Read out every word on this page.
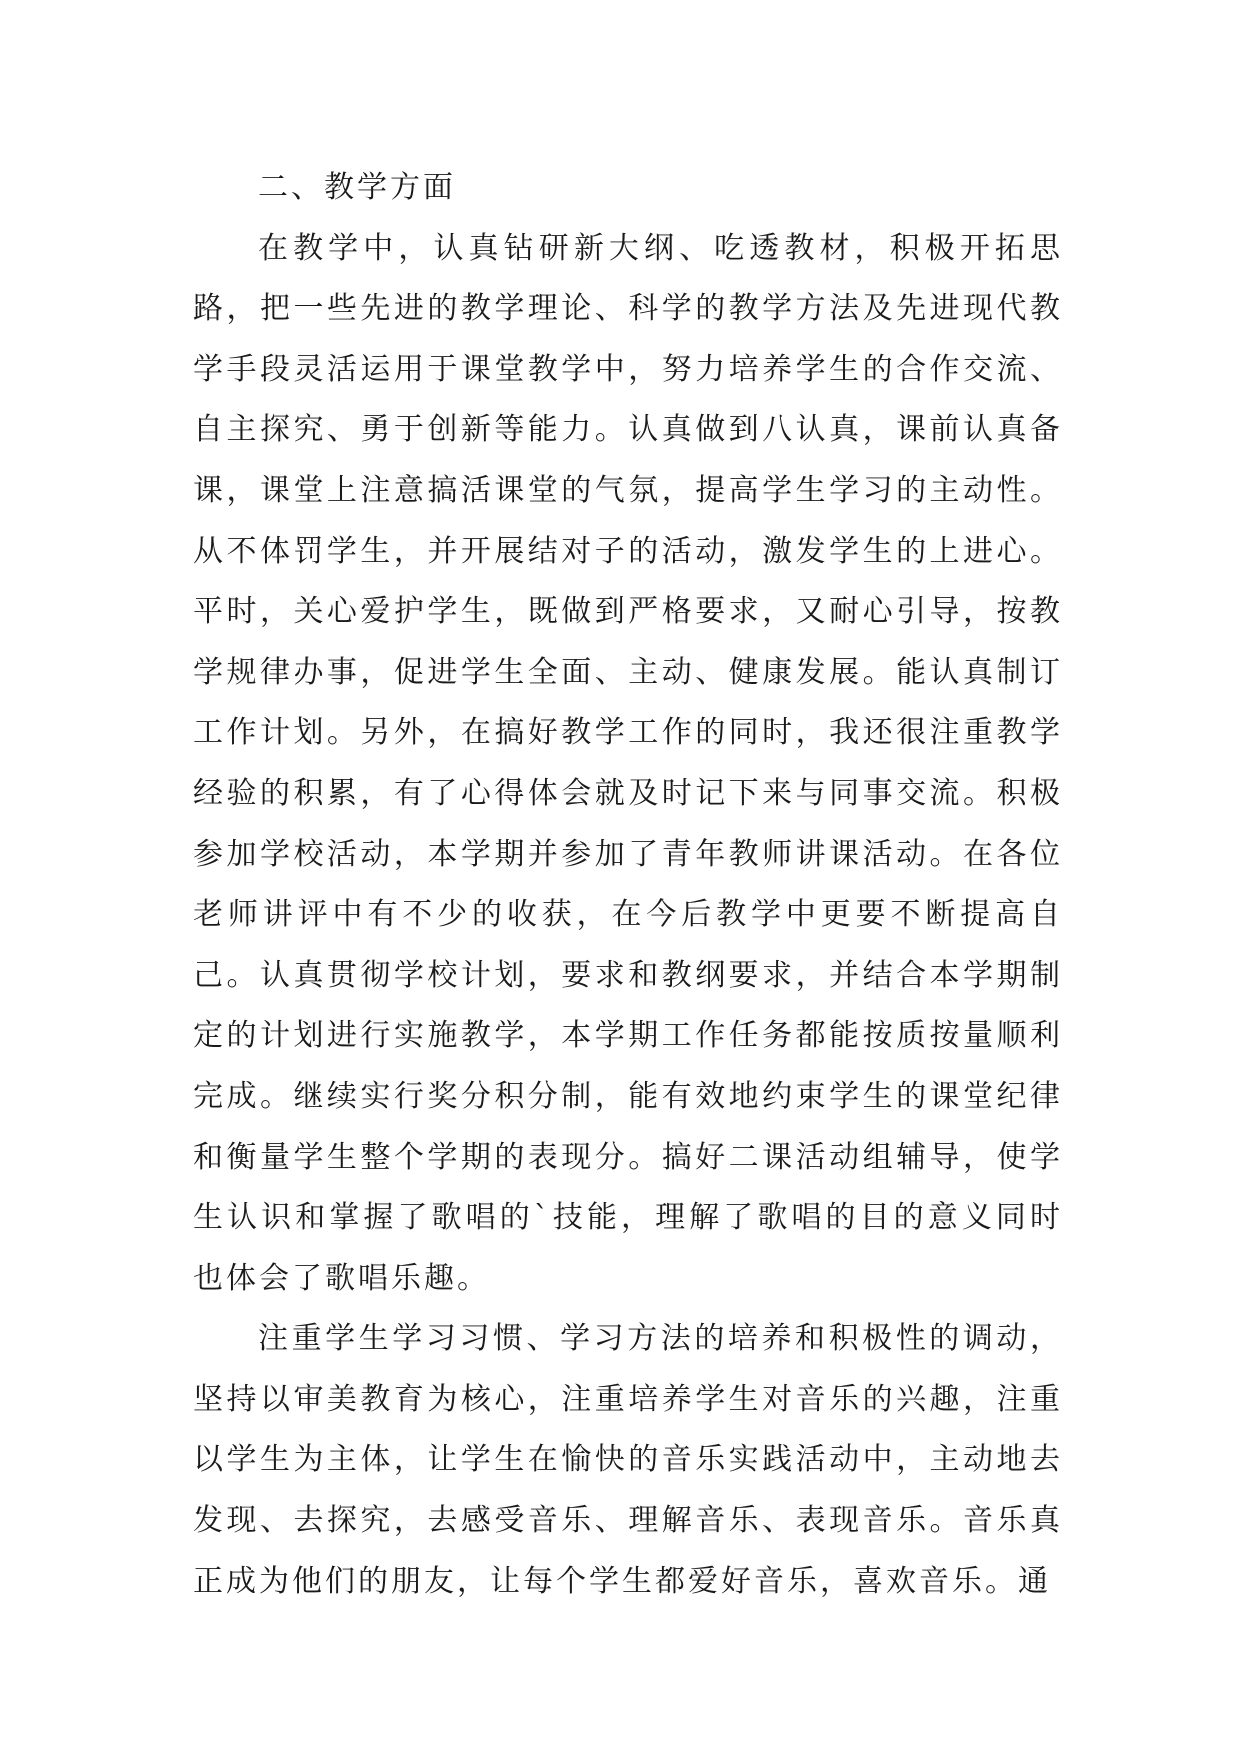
二、教学方面

在教学中，认真钻研新大纲、吃透教材，积极开拓思路，把一些先进的教学理论、科学的教学方法及先进现代教学手段灵活运用于课堂教学中，努力培养学生的合作交流、自主探究、勇于创新等能力。认真做到八认真，课前认真备课，课堂上注意搞活课堂的气氛，提高学生学习的主动性。从不体罚学生，并开展结对子的活动，激发学生的上进心。平时，关心爱护学生，既做到严格要求，又耐心引导，按教学规律办事，促进学生全面、主动、健康发展。能认真制订工作计划。另外，在搞好教学工作的同时，我还很注重教学经验的积累，有了心得体会就及时记下来与同事交流。积极参加学校活动，本学期并参加了青年教师讲课活动。在各位老师讲评中有不少的收获，在今后教学中更要不断提高自己。认真贯彻学校计划，要求和教纲要求，并结合本学期制定的计划进行实施教学，本学期工作任务都能按质按量顺利完成。继续实行奖分积分制，能有效地约束学生的课堂纪律和衡量学生整个学期的表现分。搞好二课活动组辅导，使学生认识和掌握了歌唱的`技能，理解了歌唱的目的意义同时也体会了歌唱乐趣。

注重学生学习习惯、学习方法的培养和积极性的调动，坚持以审美教育为核心，注重培养学生对音乐的兴趣，注重以学生为主体，让学生在愉快的音乐实践活动中，主动地去发现、去探究，去感受音乐、理解音乐、表现音乐。音乐真正成为他们的朋友，让每个学生都爱好音乐，喜欢音乐。通
